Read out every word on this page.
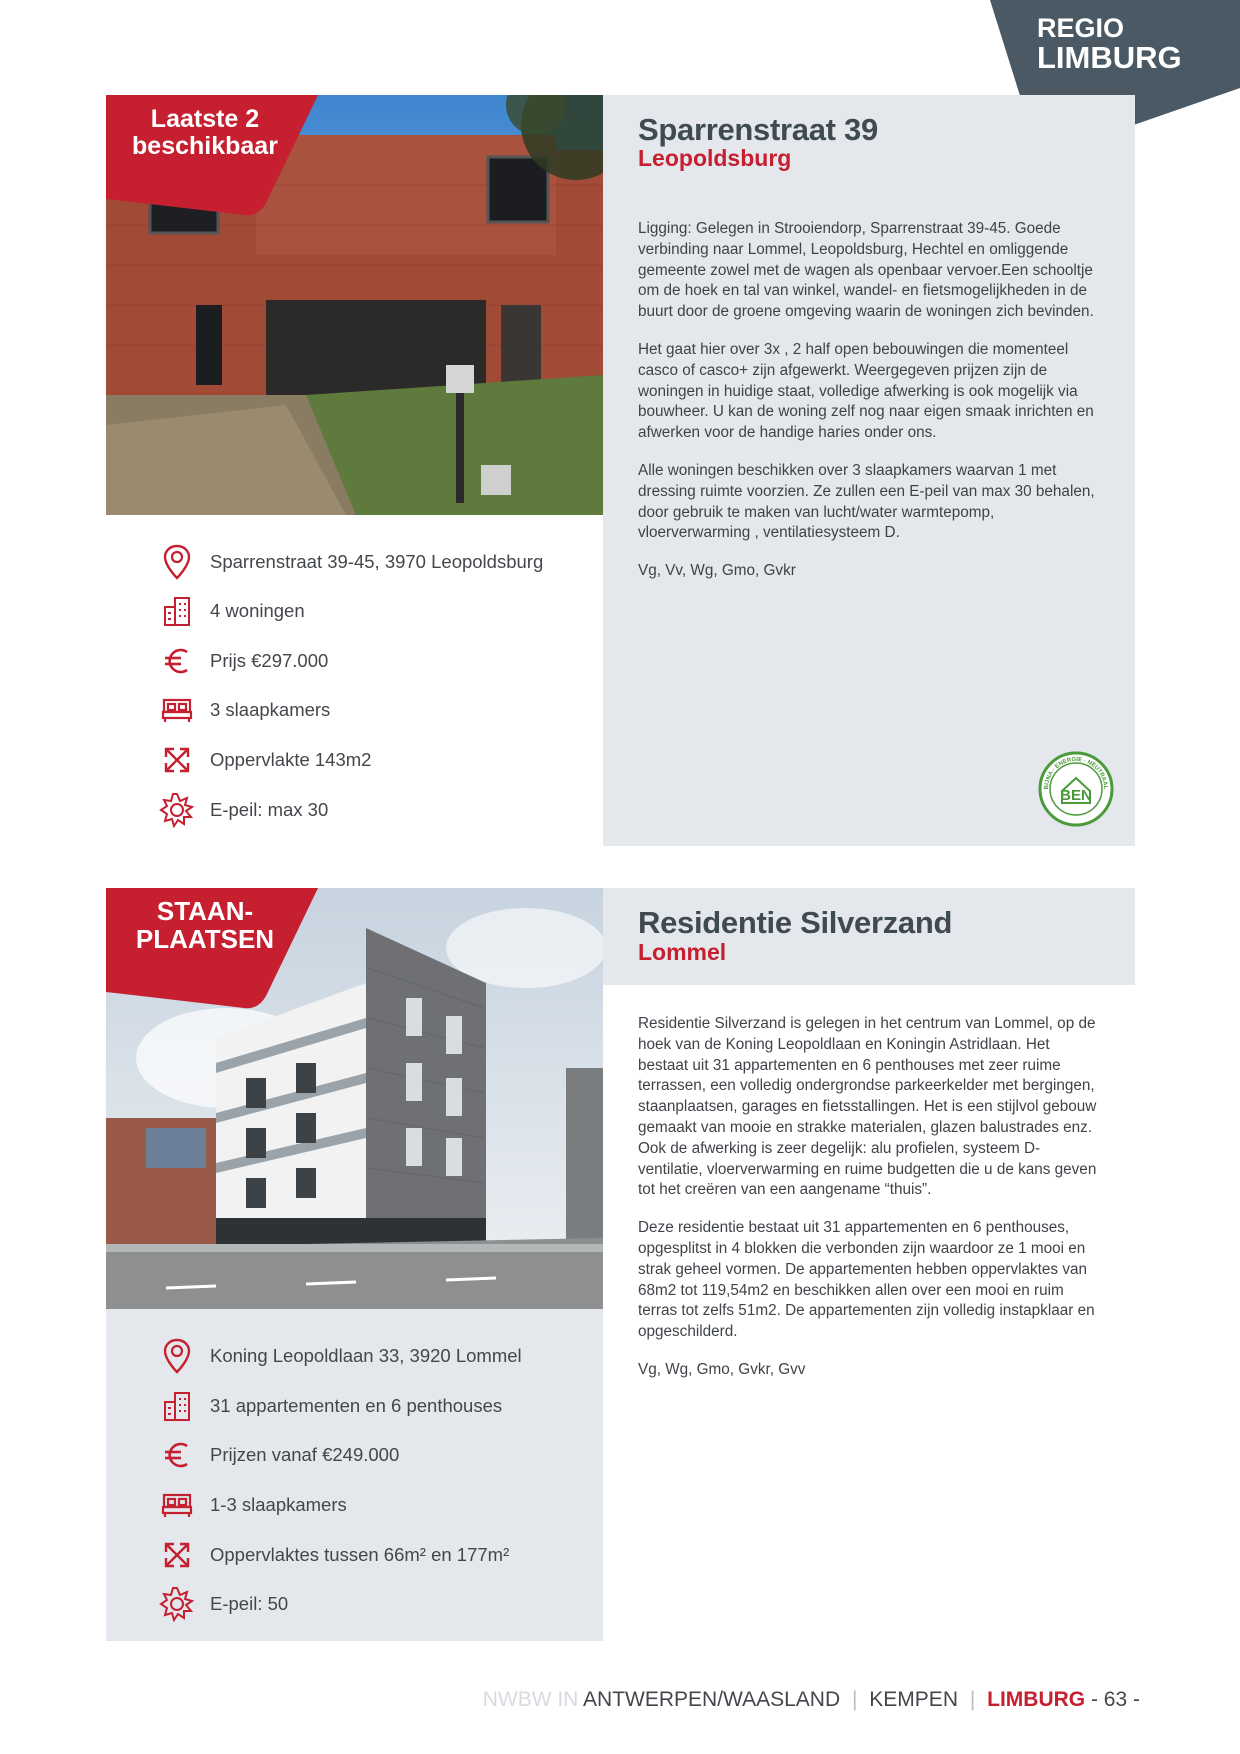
REGIO
LIMBURG
Laatste 2
beschikbaar	Sparrenstraat 39
Leopoldsburg

Ligging: Gelegen in Strooiendorp, Sparrenstraat 39-45. Goede verbinding naar Lommel, Leopoldsburg, Hechtel en omliggende gemeente zowel met de wagen als openbaar vervoer.Een schooltje om de hoek en tal van winkel, wandel- en fietsmogelijkheden in de buurt door de groene omgeving waarin de woningen zich bevinden.

Het gaat hier over 3x , 2 half open bebouwingen die momenteel casco of casco+ zijn afgewerkt. Weergegeven prijzen zijn de woningen in huidige staat, volledige afwerking is ook mogelijk via bouwheer. U kan de woning zelf nog naar eigen smaak inrichten en afwerken voor de handige haries onder ons.

Alle woningen beschikken over 3 slaapkamers waarvan 1 met dressing ruimte voorzien. Ze zullen een E-peil van max 30 behalen, door gebruik te maken van lucht/water warmtepomp, vloerverwarming , ventilatiesysteem D.

Vg, Vv, Wg, Gmo, Gvkr

BEN
BIJNA · ENERGIE · NEUTRAAL
Sparrenstraat 39-45, 3970 Leopoldsburg
4 woningen
Prijs €297.000
3 slaapkamers
Oppervlakte 143m2
E-peil: max 30
STAAN-
PLAATSEN	Residentie Silverzand
Lommel

Residentie Silverzand is gelegen in het centrum van Lommel, op de hoek van de Koning Leopoldlaan en Koningin Astridlaan. Het bestaat uit 31 appartementen en 6 penthouses met zeer ruime terrassen, een volledig ondergrondse parkeerkelder met bergingen, staanplaatsen, garages en fietsstallingen. Het is een stijlvol gebouw gemaakt van mooie en strakke materialen, glazen balustrades enz. Ook de afwerking is zeer degelijk: alu profielen, systeem D- ventilatie, vloerverwarming en ruime budgetten die u de kans geven tot het creëren van een aangename “thuis”.

Deze residentie bestaat uit 31 appartementen en 6 penthouses, opgesplitst in 4 blokken die verbonden zijn waardoor ze 1 mooi en strak geheel vormen. De appartementen hebben oppervlaktes van 68m2 tot 119,54m2 en beschikken allen over een mooi en ruim terras tot zelfs 51m2. De appartementen zijn volledig instapklaar en opgeschilderd.

Vg, Wg, Gmo, Gvkr, Gvv

Koning Leopoldlaan 33, 3920 Lommel
31 appartementen en 6 penthouses
Prijzen vanaf €249.000
1-3 slaapkamers
Oppervlaktes tussen 66m² en 177m²
E-peil: 50
NWBW IN ANTWERPEN/WAASLAND | KEMPEN | LIMBURG - 63 -
